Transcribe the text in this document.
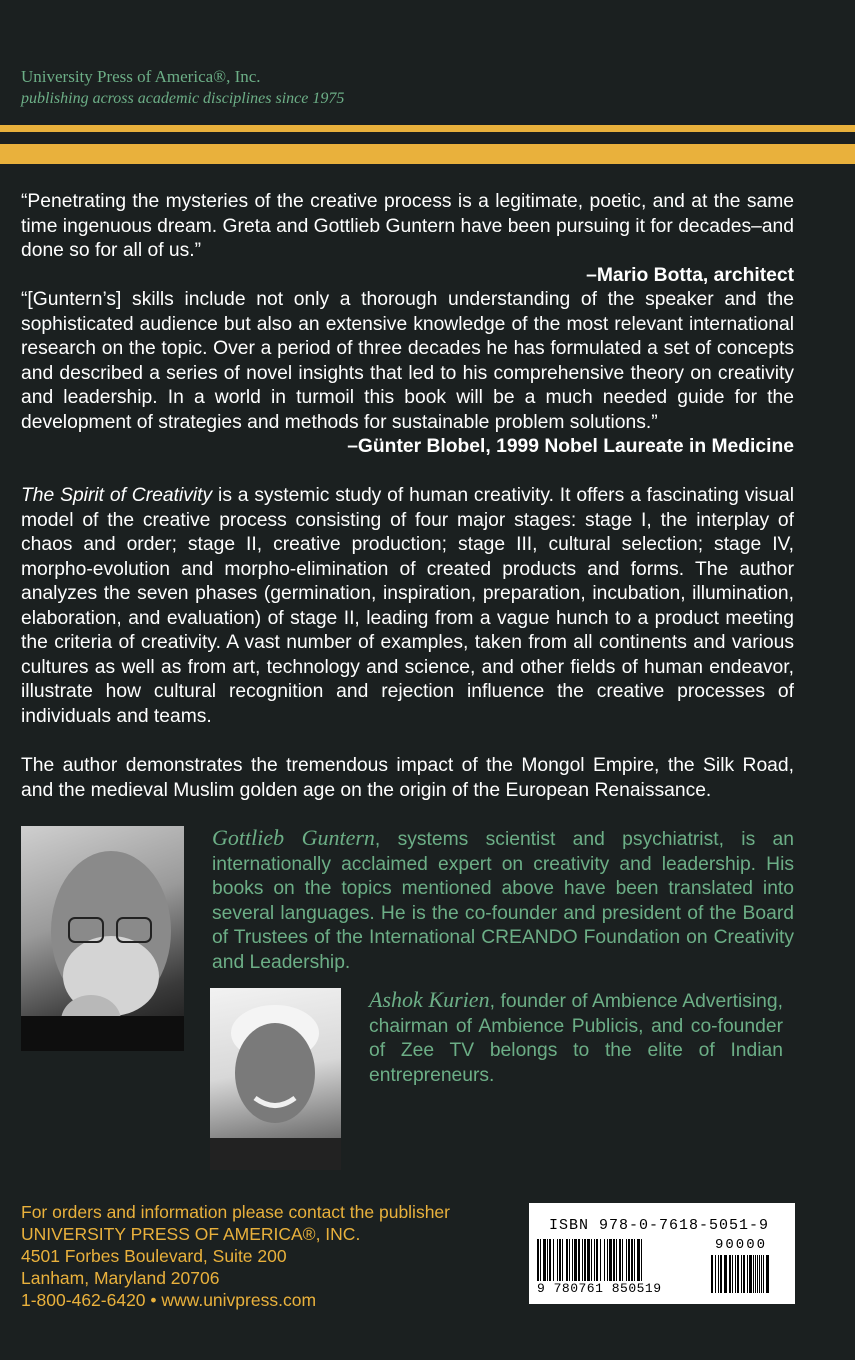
University Press of America®, Inc.
publishing across academic disciplines since 1975
“Penetrating the mysteries of the creative process is a legitimate, poetic, and at the same time ingenuous dream. Greta and Gottlieb Guntern have been pursuing it for decades–and done so for all of us.”
–Mario Botta, architect
“[Guntern’s] skills include not only a thorough understanding of the speaker and the sophisticated audience but also an extensive knowledge of the most relevant international research on the topic. Over a period of three decades he has formulated a set of concepts and described a series of novel insights that led to his comprehensive theory on creativity and leadership. In a world in turmoil this book will be a much needed guide for the development of strategies and methods for sustainable problem solutions.”
–Günter Blobel, 1999 Nobel Laureate in Medicine
The Spirit of Creativity is a systemic study of human creativity. It offers a fascinating visual model of the creative process consisting of four major stages: stage I, the interplay of chaos and order; stage II, creative production; stage III, cultural selection; stage IV, morpho-evolution and morpho-elimination of created products and forms. The author analyzes the seven phases (germination, inspiration, preparation, incubation, illumination, elaboration, and evaluation) of stage II, leading from a vague hunch to a product meeting the criteria of creativity. A vast number of examples, taken from all continents and various cultures as well as from art, technology and science, and other fields of human endeavor, illustrate how cultural recognition and rejection influence the creative processes of individuals and teams.
The author demonstrates the tremendous impact of the Mongol Empire, the Silk Road, and the medieval Muslim golden age on the origin of the European Renaissance.
Gottlieb Guntern, systems scientist and psychiatrist, is an internationally acclaimed expert on creativity and leadership. His books on the topics mentioned above have been translated into several languages. He is the co-founder and president of the Board of Trustees of the International CREANDO Foundation on Creativity and Leadership.
Ashok Kurien, founder of Ambience Advertising, chairman of Ambience Publicis, and co-founder of Zee TV belongs to the elite of Indian entrepreneurs.
For orders and information please contact the publisher
UNIVERSITY PRESS OF AMERICA®, INC.
4501 Forbes Boulevard, Suite 200
Lanham, Maryland 20706
1-800-462-6420 • www.univpress.com
ISBN 978-0-7618-5051-9
90000
9 780761 850519
